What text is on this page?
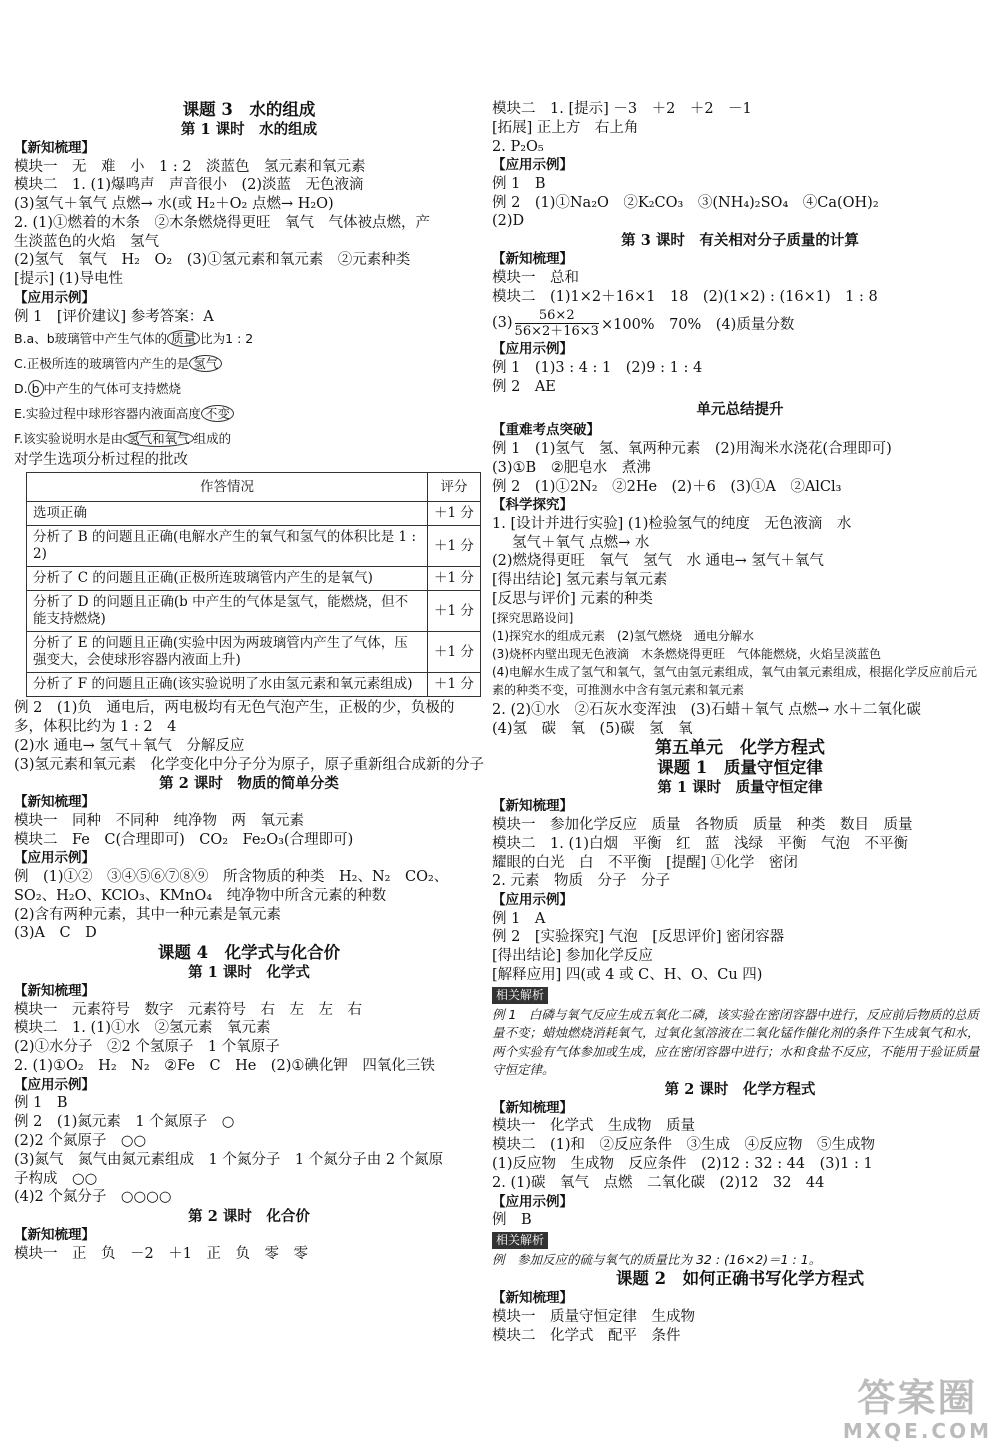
课题 3　水的组成
第 1 课时　水的组成
【新知梳理】
模块一　无　难　小　1 : 2　淡蓝色　氢元素和氧元素
模块二　1. (1)爆鸣声　声音很小　(2)淡蓝　无色液滴
(3)氢气＋氧气 点燃→ 水(或 H₂＋O₂ 点燃→ H₂O)
2. (1)①燃着的木条　②木条燃烧得更旺　氧气　气体被点燃，产
生淡蓝色的火焰　氢气
(2)氢气　氧气　H₂　O₂　(3)①氢元素和氧元素　②元素种类
[提示] (1)导电性
【应用示例】
例 1　[评价建议] 参考答案：A
B.a、b玻璃管中产生气体的 质量 比为1 : 2
C.正极所连的玻璃管内产生的是 氢气
D. b 中产生的气体可支持燃烧
E.实验过程中球形容器内液面高度 不变
F.该实验说明水是由 氢气和氧气 组成的
对学生选项分析过程的批改
作答情况	评分
选项正确	＋1 分
分析了 B 的问题且正确(电解水产生的氧气和氢气的体积比是 1 : 2)	＋1 分
分析了 C 的问题且正确(正极所连玻璃管内产生的是氧气)	＋1 分
分析了 D 的问题且正确(b 中产生的气体是氢气，能燃烧，但不能支持燃烧)	＋1 分
分析了 E 的问题且正确(实验中因为两玻璃管内产生了气体，压强变大，会使球形容器内液面上升)	＋1 分
分析了 F 的问题且正确(该实验说明了水由氢元素和氧元素组成)	＋1 分
例 2　(1)负　通电后，两电极均有无色气泡产生，正极的少，负极的
多，体积比约为 1 : 2　4
(2)水 通电→ 氢气＋氧气　分解反应
(3)氢元素和氧元素　化学变化中分子分为原子，原子重新组合成新的分子
第 2 课时　物质的简单分类
【新知梳理】
模块一　同种　不同种　纯净物　两　氧元素
模块二　Fe　C(合理即可)　CO₂　Fe₂O₃(合理即可)
【应用示例】
例　(1)①②　③④⑤⑥⑦⑧⑨　所含物质的种类　H₂、N₂　CO₂、
SO₂、H₂O、KClO₃、KMnO₄　纯净物中所含元素的种数
(2)含有两种元素，其中一种元素是氧元素
(3)A　C　D
课题 4　化学式与化合价
第 1 课时　化学式
【新知梳理】
模块一　元素符号　数字　元素符号　右　左　左　右
模块二　1. (1)①水　②氢元素　氧元素
(2)①水分子　②2 个氢原子　1 个氧原子
2. (1)①O₂　H₂　N₂　②Fe　C　He　(2)①碘化钾　四氧化三铁
【应用示例】
例 1　B
例 2　(1)氮元素　1 个氮原子　○
(2)2 个氮原子　○○
(3)氮气　氮气由氮元素组成　1 个氮分子　1 个氮分子由 2 个氮原
子构成　○○
(4)2 个氮分子　○○○○
第 2 课时　化合价
【新知梳理】
模块一　正　负　－2　＋1　正　负　零　零
模块二　1. [提示] －3　＋2　＋2　－1
[拓展] 正上方　右上角
2. P₂O₅
【应用示例】
例 1　B
例 2　(1)①Na₂O　②K₂CO₃　③(NH₄)₂SO₄　④Ca(OH)₂
(2)D
第 3 课时　有关相对分子质量的计算
【新知梳理】
模块一　总和
模块二　(1)1×2＋16×1　18　(2)(1×2) : (16×1)　1 : 8
$(3) \frac{56\times 2}{56\times 2+16\times 3} \times 100\%$　70%　(4)质量分数
【应用示例】
例 1　(1)3 : 4 : 1　(2)9 : 1 : 4
例 2　AE
单元总结提升
【重难考点突破】
例 1　(1)氢气　氢、氧两种元素　(2)用淘米水浇花(合理即可)
(3)①B　②肥皂水　煮沸
例 2　(1)①2N₂　②2He　(2)＋6　(3)①A　②AlCl₃
【科学探究】
1. [设计并进行实验] (1)检验氢气的纯度　无色液滴　水
氢气＋氧气 点燃→ 水
(2)燃烧得更旺　氧气　氢气　水 通电→ 氢气＋氧气
[得出结论] 氢元素与氧元素
[反思与评价] 元素的种类
[探究思路设问]
(1)探究水的组成元素　(2)氢气燃烧　通电分解水
(3)烧杯内壁出现无色液滴　木条燃烧得更旺　气体能燃烧，火焰呈淡蓝色
(4)电解水生成了氢气和氧气，氢气由氢元素组成，氧气由氧元素组成，根据化学反应前后元素的种类不变，可推测水中含有氢元素和氧元素
2. (2)①水　②石灰水变浑浊　(3)石蜡＋氧气 点燃→ 水＋二氧化碳
(4)氢　碳　氧　(5)碳　氢　氧
第五单元　化学方程式
课题 1　质量守恒定律
第 1 课时　质量守恒定律
【新知梳理】
模块一　参加化学反应　质量　各物质　质量　种类　数目　质量
模块二　1. (1)白烟　平衡　红　蓝　浅绿　平衡　气泡　不平衡
耀眼的白光　白　不平衡　[提醒] ①化学　密闭
2. 元素　物质　分子　分子
【应用示例】
例 1　A
例 2　[实验探究] 气泡　[反思评价] 密闭容器
[得出结论] 参加化学反应
[解释应用] 四(或 4 或 C、H、O、Cu 四)
相关解析
例 1　白磷与氧气反应生成五氧化二磷，该实验在密闭容器中进行，反应前后物质的总质量不变；蜡烛燃烧消耗氧气，过氧化氢溶液在二氧化锰作催化剂的条件下生成氧气和水，两个实验有气体参加或生成，应在密闭容器中进行；水和食盐不反应，不能用于验证质量守恒定律。
第 2 课时　化学方程式
【新知梳理】
模块一　化学式　生成物　质量
模块二　(1)和　②反应条件　③生成　④反应物　⑤生成物
(1)反应物　生成物　反应条件　(2)12 : 32 : 44　(3)1 : 1
2. (1)碳　氧气　点燃　二氧化碳　(2)12　32　44
【应用示例】
例　B
相关解析
例　参加反应的硫与氧气的质量比为 32 : (16×2)＝1 : 1。
课题 2　如何正确书写化学方程式
【新知梳理】
模块一　质量守恒定律　生成物
模块二　化学式　配平　条件
答案圈
MXQE.COM
